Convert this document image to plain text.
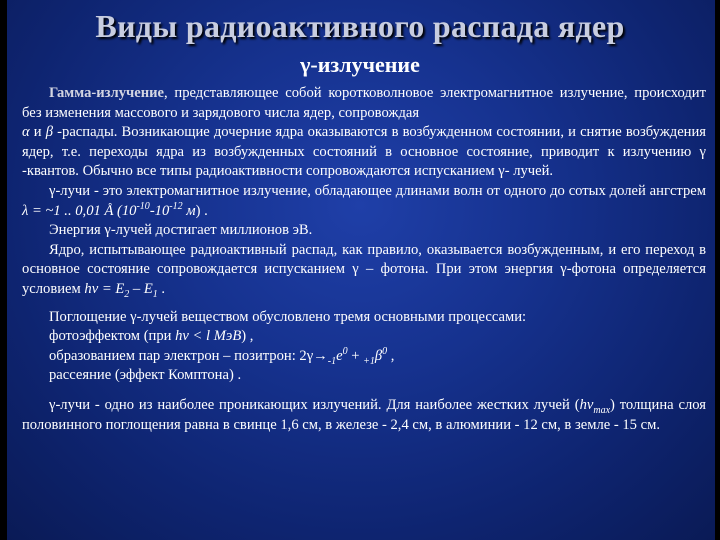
Виды радиоактивного распада ядер
γ-излучение

Гамма-излучение, представляющее собой коротковолновое электромагнитное излучение, происходит без изменения массового и зарядового числа ядер, сопровождая
α и β -распады. Возникающие дочерние ядра оказываются в возбужденном состоянии, и снятие возбуждения ядер, т.е. переходы ядра из возбужденных состояний в основное состояние, приводит к излучению γ -квантов. Обычно все типы радиоактивности сопровождаются испусканием γ- лучей.

γ-лучи - это электромагнитное излучение, обладающее длинами волн от одного до сотых долей ангстрем λ = ~1 .. 0,01 Å ($10^{-10}-10^{-12}$ м) .

Энергия γ-лучей достигает миллионов эВ.

Ядро, испытывающее радиоактивный распад, как правило, оказывается возбужденным, и его переход в основное состояние сопровождается испусканием γ – фотона. При этом энергия γ-фотона определяется условием $h\nu = E_2 - E_1$ .

Поглощение γ-лучей веществом обусловлено тремя основными процессами:

фотоэффектом (при hν < l МэВ) ,

образованием пар электрон – позитрон: $2\gamma\to_{-1}e^0 + _{+1}\beta^0$ ,

рассеяние (эффект Комптона) .

γ-лучи - одно из наиболее проникающих излучений. Для наиболее жестких лучей $(h\nu_{max})$ толщина слоя половинного поглощения равна в свинце 1,6 см, в железе - 2,4 см, в алюминии - 12 см, в земле - 15 см.
